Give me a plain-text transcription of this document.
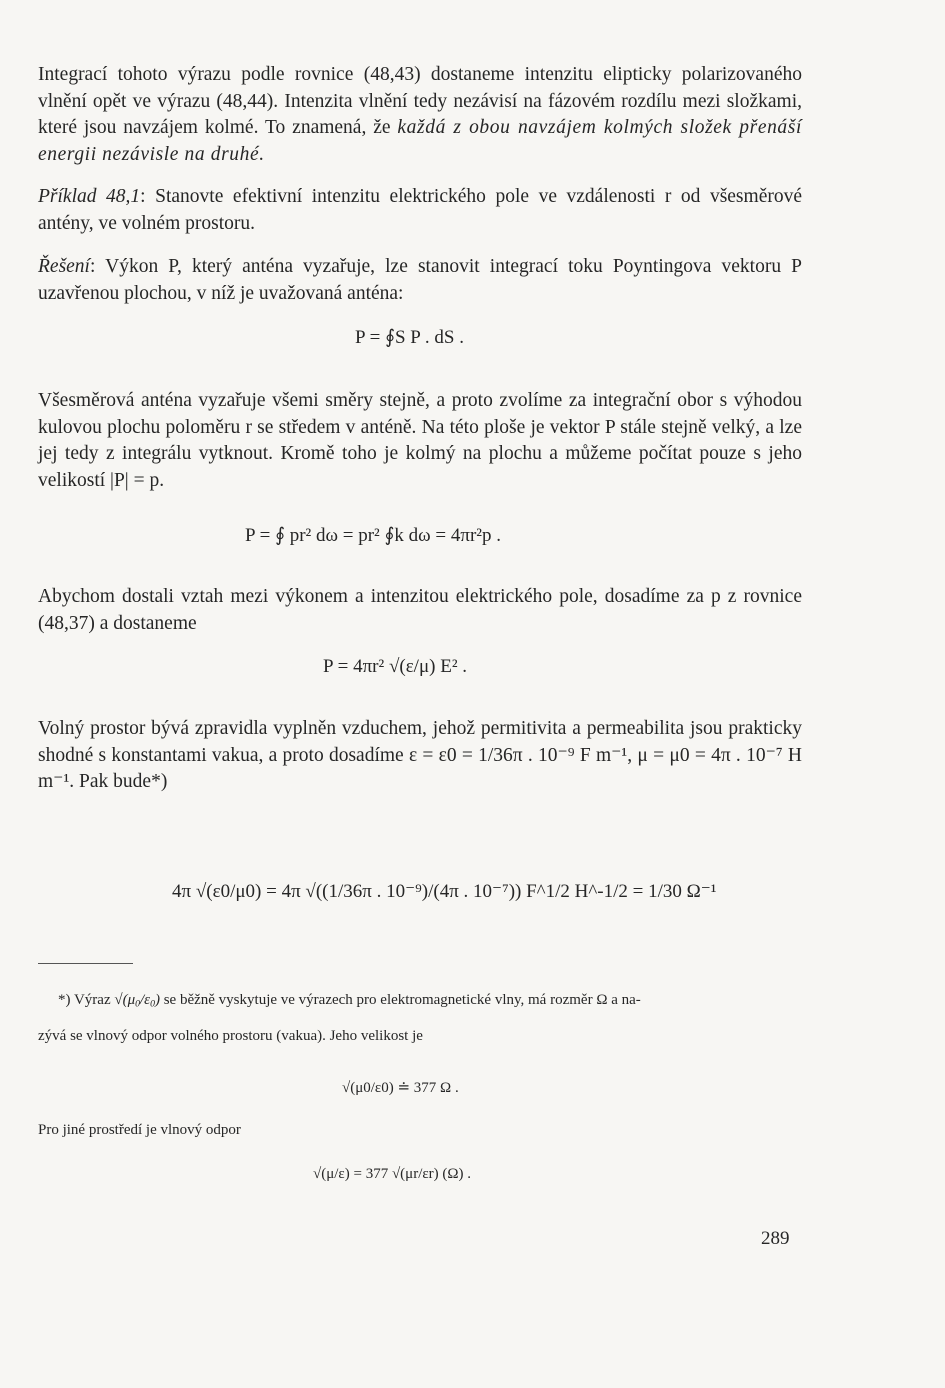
Integrací tohoto výrazu podle rovnice (48,43) dostaneme intenzitu elipticky polarizovaného vlnění opět ve výrazu (48,44). Intenzita vlnění tedy nezávisí na fázovém rozdílu mezi složkami, které jsou navzájem kolmé. To znamená, že každá z obou navzájem kolmých složek přenáší energii nezávisle na druhé.
Příklad 48,1: Stanovte efektivní intenzitu elektrického pole ve vzdálenosti r od všesměrové antény, ve volném prostoru.
Řešení: Výkon P, který anténa vyzařuje, lze stanovit integrací toku Poyntingova vektoru P uzavřenou plochou, v níž je uvažovaná anténa:
P = ∮S P . dS .
Všesměrová anténa vyzařuje všemi směry stejně, a proto zvolíme za integrační obor s výhodou kulovou plochu poloměru r se středem v anténě. Na této ploše je vektor P stále stejně velký, a lze jej tedy z integrálu vytknout. Kromě toho je kolmý na plochu a můžeme počítat pouze s jeho velikostí |P| = p.
P = ∮ pr² dω = pr² ∮k dω = 4πr²p .
Abychom dostali vztah mezi výkonem a intenzitou elektrického pole, dosadíme za p z rovnice (48,37) a dostaneme
P = 4πr² √(ε/μ) E² .
Volný prostor bývá zpravidla vyplněn vzduchem, jehož permitivita a permeabilita jsou prakticky shodné s konstantami vakua, a proto dosadíme ε = ε0 = 1/36π . 10⁻⁹ F m⁻¹, μ = μ0 = 4π . 10⁻⁷ H m⁻¹. Pak bude*)
4π √(ε0/μ0) = 4π √((1/36π . 10⁻⁹)/(4π . 10⁻⁷)) F^1/2 H^-1/2 = 1/30 Ω⁻¹
*) Výraz $√(\mu_0/\varepsilon_0)$ se běžně vyskytuje ve výrazech pro elektromagnetické vlny, má rozměr Ω a na-
zývá se vlnový odpor volného prostoru (vakua). Jeho velikost je
√(μ0/ε0) ≐ 377 Ω .
Pro jiné prostředí je vlnový odpor
√(μ/ε) = 377 √(μr/εr) (Ω) .
289
